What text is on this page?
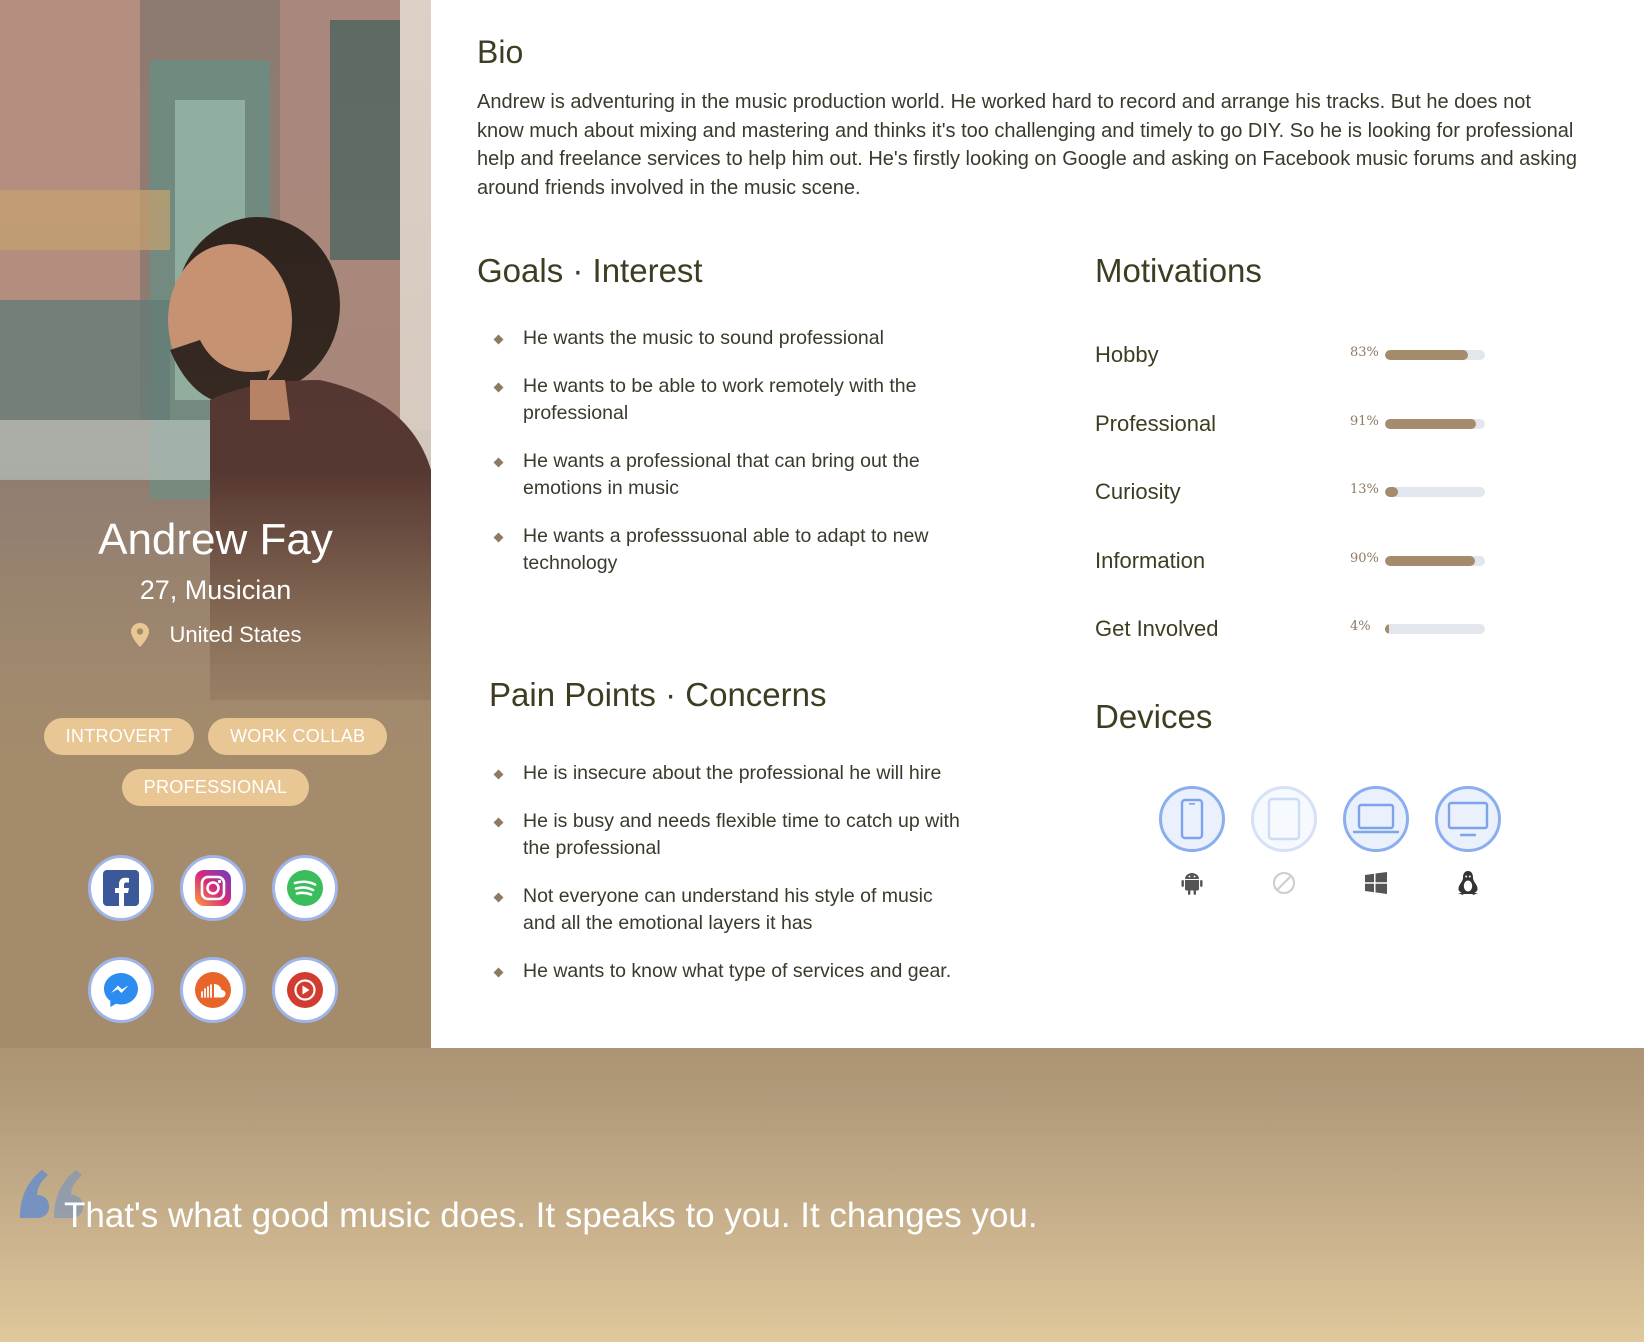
Andrew Fay
27, Musician
United States
INTROVERT	WORK COLLAB
PROFESSIONAL
Bio

Andrew is adventuring in the music production world. He worked hard to record and arrange his tracks. But he does not know much about mixing and mastering and thinks it's too challenging and timely to go DIY. So he is looking for professional help and freelance services to help him out. He's firstly looking on Google and asking on Facebook music forums and asking around friends involved in the music scene.

Goals · Interest
He wants the music to sound professional
He wants to be able to work remotely with the professional
He wants a professional that can bring out the emotions in music
He wants a professsuonal able to adapt to new technology
Pain Points · Concerns
He is insecure about the professional he will hire
He is busy and needs flexible time to catch up with the professional
Not everyone can understand his style of music and all the emotional layers it has
He wants to know what type of services and gear.
Motivations
Hobby	83%
Professional	91%
Curiosity	13%
Information	90%
Get Involved	4%
Devices
That's what good music does. It speaks to you. It changes you.
